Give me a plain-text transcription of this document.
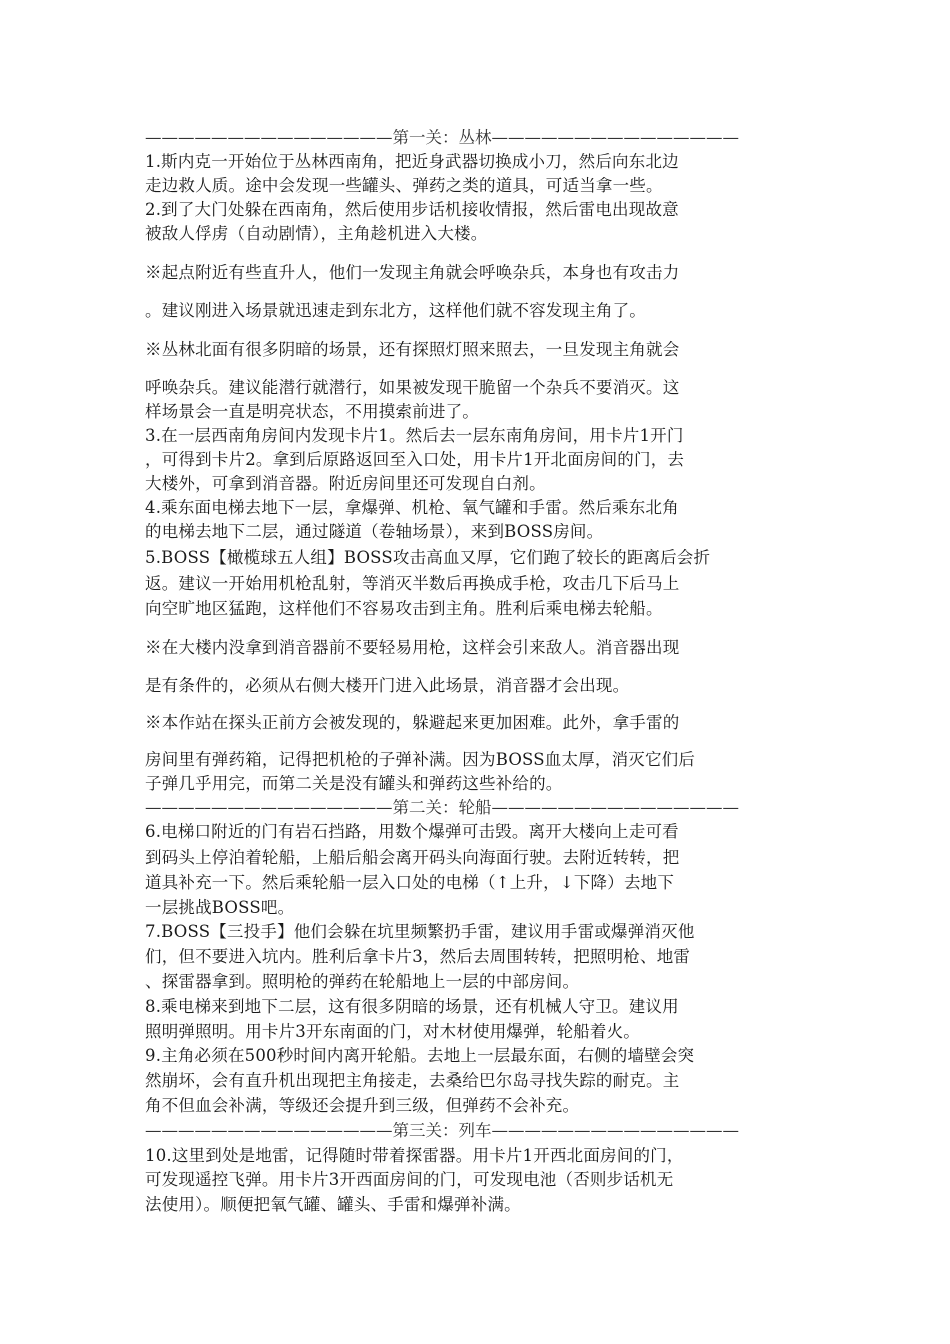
———————————————第一关：丛林———————————————
1.斯内克一开始位于丛林西南角，把近身武器切换成小刀，然后向东北边
走边救人质。途中会发现一些罐头、弹药之类的道具，可适当拿一些。
2.到了大门处躲在西南角，然后使用步话机接收情报，然后雷电出现故意
被敌人俘虏（自动剧情），主角趁机进入大楼。
※起点附近有些直升人，他们一发现主角就会呼唤杂兵，本身也有攻击力
。建议刚进入场景就迅速走到东北方，这样他们就不容发现主角了。
※丛林北面有很多阴暗的场景，还有探照灯照来照去，一旦发现主角就会
呼唤杂兵。建议能潜行就潜行，如果被发现干脆留一个杂兵不要消灭。这
样场景会一直是明亮状态，不用摸索前进了。
3.在一层西南角房间内发现卡片1。然后去一层东南角房间，用卡片1开门
，可得到卡片2。拿到后原路返回至入口处，用卡片1开北面房间的门，去
大楼外，可拿到消音器。附近房间里还可发现自白剂。
4.乘东面电梯去地下一层，拿爆弹、机枪、氧气罐和手雷。然后乘东北角
的电梯去地下二层，通过隧道（卷轴场景），来到BOSS房间。
5.BOSS【橄榄球五人组】BOSS攻击高血又厚，它们跑了较长的距离后会折
返。建议一开始用机枪乱射，等消灭半数后再换成手枪，攻击几下后马上
向空旷地区猛跑，这样他们不容易攻击到主角。胜利后乘电梯去轮船。
※在大楼内没拿到消音器前不要轻易用枪，这样会引来敌人。消音器出现
是有条件的，必须从右侧大楼开门进入此场景，消音器才会出现。
※本作站在探头正前方会被发现的，躲避起来更加困难。此外，拿手雷的
房间里有弹药箱，记得把机枪的子弹补满。因为BOSS血太厚，消灭它们后
子弹几乎用完，而第二关是没有罐头和弹药这些补给的。
———————————————第二关：轮船———————————————
6.电梯口附近的门有岩石挡路，用数个爆弹可击毁。离开大楼向上走可看
到码头上停泊着轮船，上船后船会离开码头向海面行驶。去附近转转，把
道具补充一下。然后乘轮船一层入口处的电梯（↑上升，↓下降）去地下
一层挑战BOSS吧。
7.BOSS【三投手】他们会躲在坑里频繁扔手雷，建议用手雷或爆弹消灭他
们，但不要进入坑内。胜利后拿卡片3，然后去周围转转，把照明枪、地雷
、探雷器拿到。照明枪的弹药在轮船地上一层的中部房间。
8.乘电梯来到地下二层，这有很多阴暗的场景，还有机械人守卫。建议用
照明弹照明。用卡片3开东南面的门，对木材使用爆弹，轮船着火。
9.主角必须在500秒时间内离开轮船。去地上一层最东面，右侧的墙壁会突
然崩坏，会有直升机出现把主角接走，去桑给巴尔岛寻找失踪的耐克。主
角不但血会补满，等级还会提升到三级，但弹药不会补充。
———————————————第三关：列车———————————————
10.这里到处是地雷，记得随时带着探雷器。用卡片1开西北面房间的门，
可发现遥控飞弹。用卡片3开西面房间的门，可发现电池（否则步话机无
法使用）。顺便把氧气罐、罐头、手雷和爆弹补满。
